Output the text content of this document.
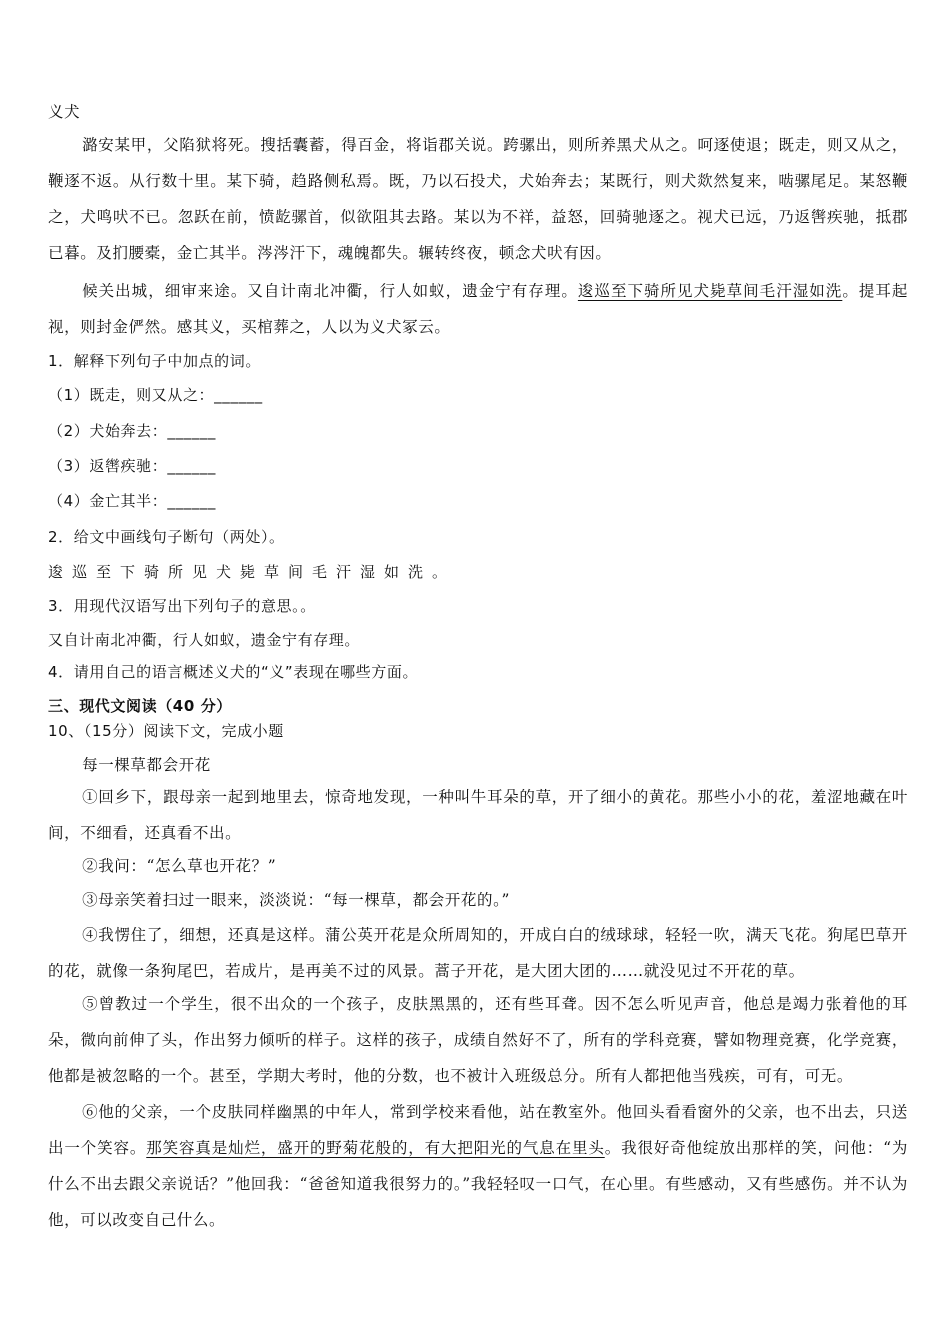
义犬
潞安某甲，父陷狱将死。搜括囊蓄，得百金，将诣郡关说。跨骡出，则所养黑犬从之。呵逐使退；既走，则又从之，鞭逐不返。从行数十里。某下骑，趋路侧私焉。既，乃以石投犬，犬始奔去；某既行，则犬欻然复来，啮骡尾足。某怒鞭之，犬鸣吠不已。忽跃在前，愤龁骡首，似欲阻其去路。某以为不祥，益怒，回骑驰逐之。视犬已远，乃返辔疾驰，抵郡已暮。及扪腰橐，金亡其半。涔涔汗下，魂魄都失。辗转终夜，顿念犬吠有因。
候关出城，细审来途。又自计南北冲衢，行人如蚁，遗金宁有存理。逡巡至下骑所见犬毙草间毛汗湿如洗。提耳起视，则封金俨然。感其义，买棺葬之，人以为义犬冢云。
1．解释下列句子中加点的词。
（1）既走，则又从之：______
（2）犬始奔去：______
（3）返辔疾驰：______
（4）金亡其半：______
2．给文中画线句子断句（两处）。
逡巡至下骑所见犬毙草间毛汗湿如洗。
3．用现代汉语写出下列句子的意思。。
又自计南北冲衢，行人如蚁，遗金宁有存理。
4．请用自己的语言概述义犬的“义”表现在哪些方面。
三、现代文阅读（40 分）
10、（15分）阅读下文，完成小题
每一棵草都会开花
①回乡下，跟母亲一起到地里去，惊奇地发现，一种叫牛耳朵的草，开了细小的黄花。那些小小的花，羞涩地藏在叶间，不细看，还真看不出。
②我问：“怎么草也开花？”
③母亲笑着扫过一眼来，淡淡说：“每一棵草，都会开花的。”
④我愣住了，细想，还真是这样。蒲公英开花是众所周知的，开成白白的绒球球，轻轻一吹，满天飞花。狗尾巴草开的花，就像一条狗尾巴，若成片，是再美不过的风景。蒿子开花，是大团大团的……就没见过不开花的草。
⑤曾教过一个学生，很不出众的一个孩子，皮肤黑黑的，还有些耳聋。因不怎么听见声音，他总是竭力张着他的耳朵，微向前伸了头，作出努力倾听的样子。这样的孩子，成绩自然好不了，所有的学科竞赛，譬如物理竞赛，化学竞赛，他都是被忽略的一个。甚至，学期大考时，他的分数，也不被计入班级总分。所有人都把他当残疾，可有，可无。
⑥他的父亲，一个皮肤同样幽黑的中年人，常到学校来看他，站在教室外。他回头看看窗外的父亲，也不出去，只送出一个笑容。那笑容真是灿烂，盛开的野菊花般的，有大把阳光的气息在里头。我很好奇他绽放出那样的笑，问他：“为什么不出去跟父亲说话？”他回我：“爸爸知道我很努力的。”我轻轻叹一口气，在心里。有些感动，又有些感伤。并不认为他，可以改变自己什么。
